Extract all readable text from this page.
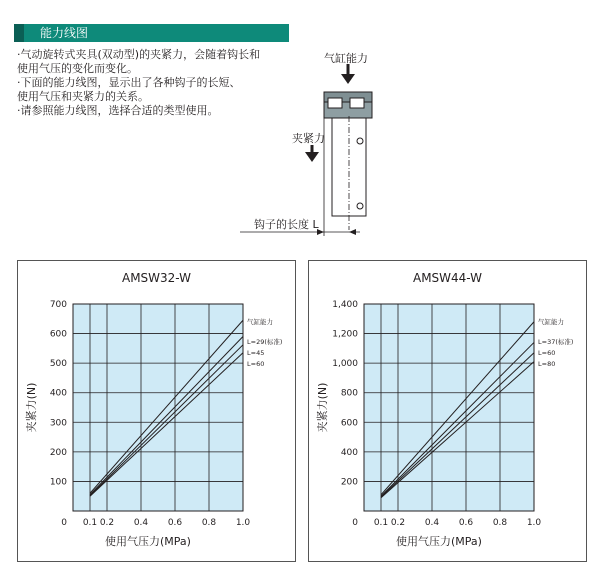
能力线图
·气动旋转式夹具(双动型)的夹紧力，会随着钩长和
使用气压的变化而变化。
·下面的能力线图，显示出了各种钩子的长短、
使用气压和夹紧力的关系。
·请参照能力线图，选择合适的类型使用。
气缸能力
夹紧力
钩子的长度 L
AMSW32-W
0.1 0.2 0.4 0.6 0.8 1.0
100
200
300
400
500
600
700
0
使用气压力(MPa)
夹紧力(N)
气缸能力
L=29(标准)
L=45
L=60
AMSW44-W
0.1 0.2 0.4 0.6 0.8 1.0
200
400
600
800
1,000
1,200
1,400
0
使用气压力(MPa)
夹紧力(N)
气缸能力
L=37(标准)
L=60
L=80
